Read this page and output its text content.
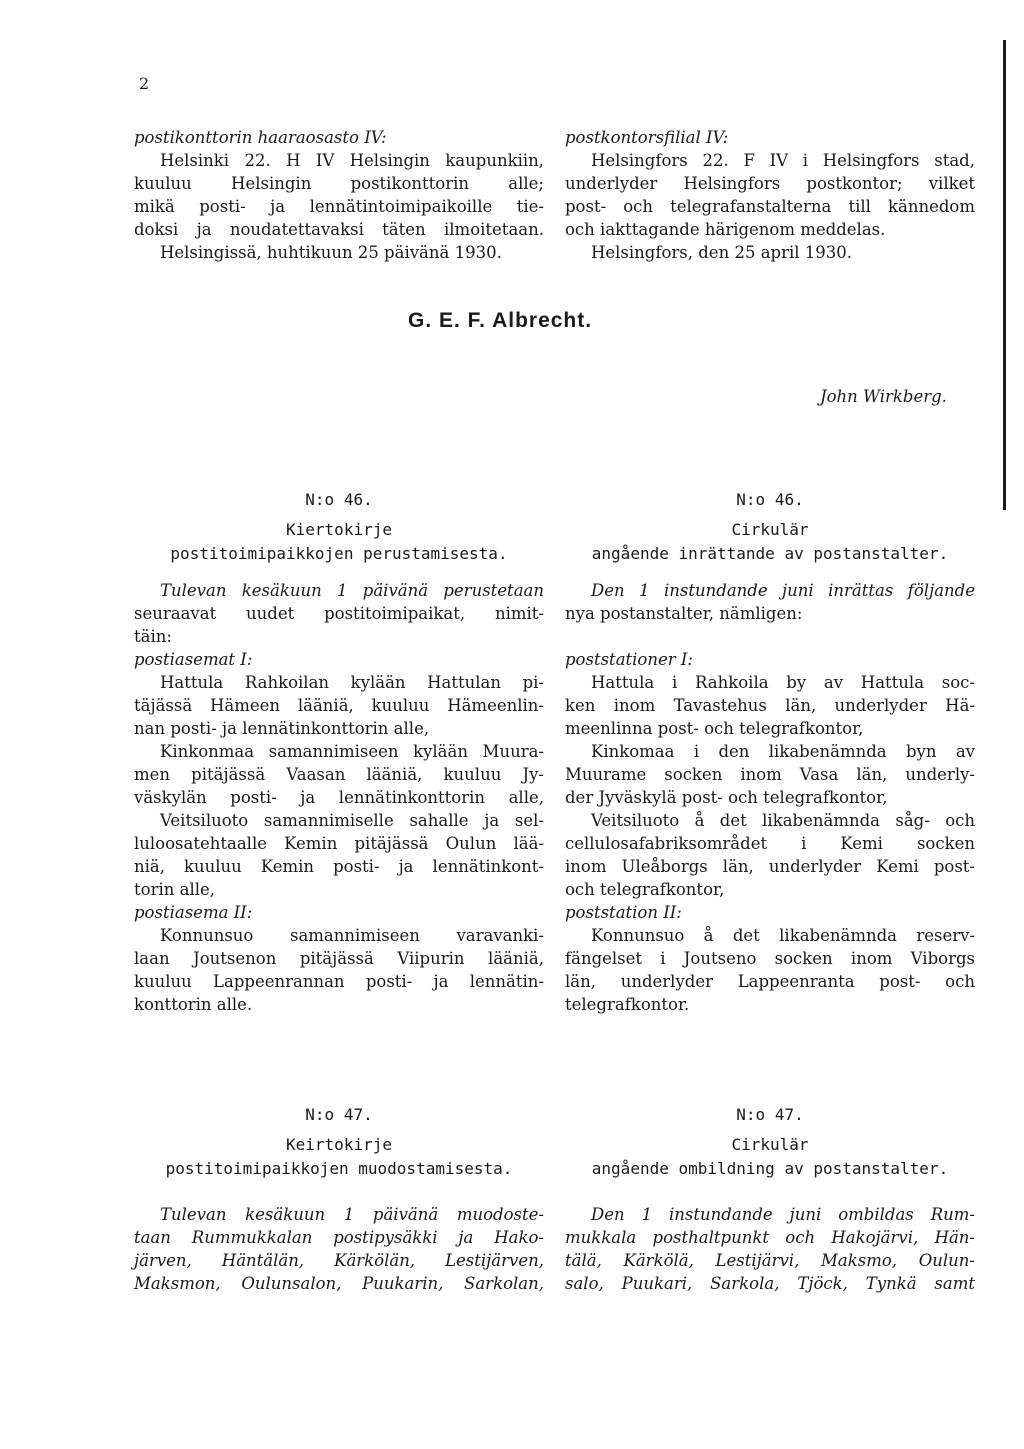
2
postikonttorin haaraosasto IV:
Helsinki 22. H IV Helsingin kaupunkiin,
kuuluu Helsingin postikonttorin alle;
mikä posti- ja lennätintoimipaikoille tie-
doksi ja noudatettavaksi täten ilmoitetaan.
Helsingissä, huhtikuun 25 päivänä 1930.
postkontorsfilial IV:
Helsingfors 22. F IV i Helsingfors stad,
underlyder Helsingfors postkontor; vilket
post- och telegrafanstalterna till kännedom
och iakttagande härigenom meddelas.
Helsingfors, den 25 april 1930.
G. E. F. Albrecht.
John Wirkberg.
N:o 46.
Kiertokirje
postitoimipaikkojen perustamisesta.
Tulevan kesäkuun 1 päivänä perustetaan
seuraavat uudet postitoimipaikat, nimit-
täin:
postiasemat I:
Hattula Rahkoilan kylään Hattulan pi-
täjässä Hämeen lääniä, kuuluu Hämeenlin-
nan posti- ja lennätinkonttorin alle,
Kinkonmaa samannimiseen kylään Muura-
men pitäjässä Vaasan lääniä, kuuluu Jy-
väskylän posti- ja lennätinkonttorin alle,
Veitsiluoto samannimiselle sahalle ja sel-
luloosatehtaalle Kemin pitäjässä Oulun lää-
niä, kuuluu Kemin posti- ja lennätinkont-
torin alle,
postiasema II:
Konnunsuo samannimiseen varavanki-
laan Joutsenon pitäjässä Viipurin lääniä,
kuuluu Lappeenrannan posti- ja lennätin-
konttorin alle.
N:o 46.
Cirkulär
angående inrättande av postanstalter.
Den 1 instundande juni inrättas följande
nya postanstalter, nämligen:
poststationer I:
Hattula i Rahkoila by av Hattula soc-
ken inom Tavastehus län, underlyder Hä-
meenlinna post- och telegrafkontor,
Kinkomaa i den likabenämnda byn av
Muurame socken inom Vasa län, underly-
der Jyväskylä post- och telegrafkontor,
Veitsiluoto å det likabenämnda såg- och
cellulosafabriksområdet i Kemi socken
inom Uleåborgs län, underlyder Kemi post-
och telegrafkontor,
poststation II:
Konnunsuo å det likabenämnda reserv-
fängelset i Joutseno socken inom Viborgs
län, underlyder Lappeenranta post- och
telegrafkontor.
N:o 47.
Keirtokirje
postitoimipaikkojen muodostamisesta.
Tulevan kesäkuun 1 päivänä muodoste-
taan Rummukkalan postipysäkki ja Hako-
järven, Häntälän, Kärkölän, Lestijärven,
Maksmon, Oulunsalon, Puukarin, Sarkolan,
N:o 47.
Cirkulär
angående ombildning av postanstalter.
Den 1 instundande juni ombildas Rum-
mukkala posthaltpunkt och Hakojärvi, Hän-
tälä, Kärkölä, Lestijärvi, Maksmo, Oulun-
salo, Puukari, Sarkola, Tjöck, Tynkä samt
